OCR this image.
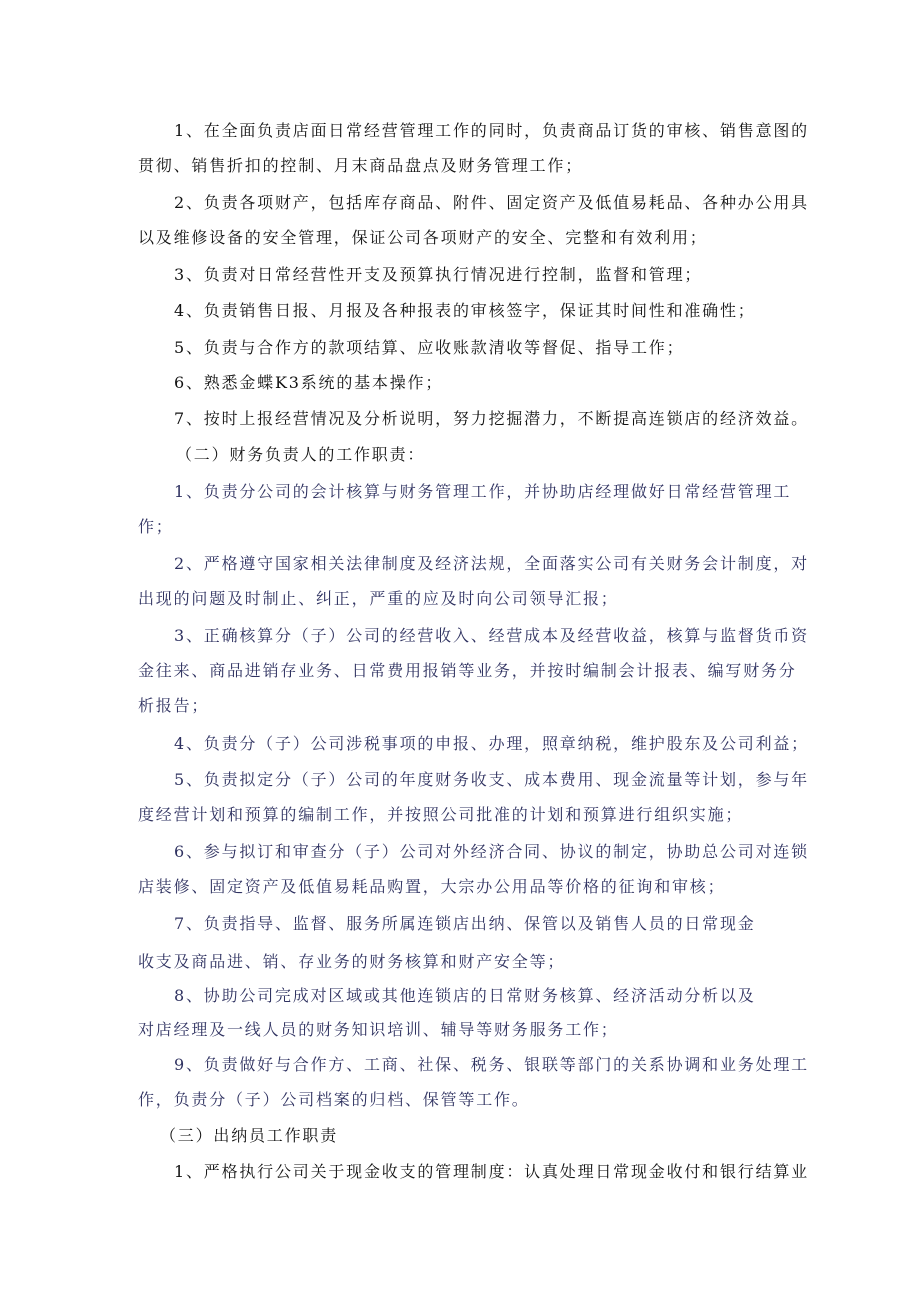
1、在全面负责店面日常经营管理工作的同时，负责商品订货的审核、销售意图的
贯彻、销售折扣的控制、月末商品盘点及财务管理工作；
2、负责各项财产，包括库存商品、附件、固定资产及低值易耗品、各种办公用具
以及维修设备的安全管理，保证公司各项财产的安全、完整和有效利用；
3、负责对日常经营性开支及预算执行情况进行控制，监督和管理；
4、负责销售日报、月报及各种报表的审核签字，保证其时间性和准确性；
5、负责与合作方的款项结算、应收账款清收等督促、指导工作；
6、熟悉金蝶K3系统的基本操作；
7、按时上报经营情况及分析说明，努力挖掘潜力，不断提高连锁店的经济效益。
（二）财务负责人的工作职责：
1、负责分公司的会计核算与财务管理工作，并协助店经理做好日常经营管理工
作；
2、严格遵守国家相关法律制度及经济法规，全面落实公司有关财务会计制度，对
出现的问题及时制止、纠正，严重的应及时向公司领导汇报；
3、正确核算分（子）公司的经营收入、经营成本及经营收益，核算与监督货币资
金往来、商品进销存业务、日常费用报销等业务，并按时编制会计报表、编写财务分
析报告；
4、负责分（子）公司涉税事项的申报、办理，照章纳税，维护股东及公司利益；
5、负责拟定分（子）公司的年度财务收支、成本费用、现金流量等计划，参与年
度经营计划和预算的编制工作，并按照公司批准的计划和预算进行组织实施；
6、参与拟订和审查分（子）公司对外经济合同、协议的制定，协助总公司对连锁
店装修、固定资产及低值易耗品购置，大宗办公用品等价格的征询和审核；
7、负责指导、监督、服务所属连锁店出纳、保管以及销售人员的日常现金
收支及商品进、销、存业务的财务核算和财产安全等；
8、协助公司完成对区域或其他连锁店的日常财务核算、经济活动分析以及
对店经理及一线人员的财务知识培训、辅导等财务服务工作；
9、负责做好与合作方、工商、社保、税务、银联等部门的关系协调和业务处理工
作，负责分（子）公司档案的归档、保管等工作。
（三）出纳员工作职责
1、严格执行公司关于现金收支的管理制度：认真处理日常现金收付和银行结算业
